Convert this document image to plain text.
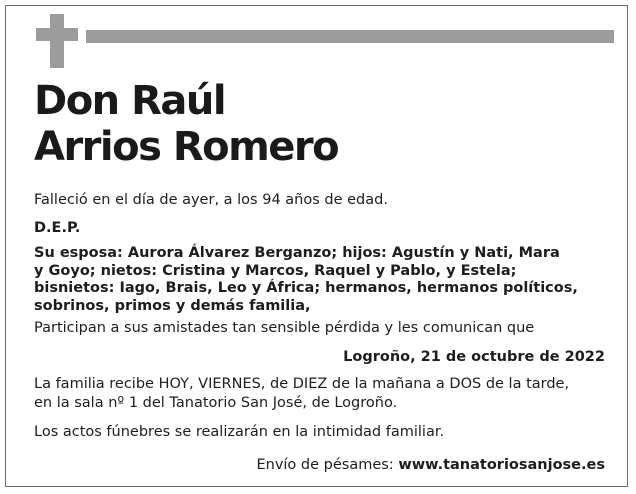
Don Raúl
Arrios Romero
Falleció en el día de ayer, a los 94 años de edad.
D.E.P.
Su esposa: Aurora Álvarez Berganzo; hijos: Agustín y Nati, Mara
y Goyo; nietos: Cristina y Marcos, Raquel y Pablo, y Estela;
bisnietos: Iago, Brais, Leo y África; hermanos, hermanos políticos,
sobrinos, primos y demás familia,
Participan a sus amistades tan sensible pérdida y les comunican que
Logroño, 21 de octubre de 2022
La familia recibe HOY, VIERNES, de DIEZ de la mañana a DOS de la tarde,
en la sala nº 1 del Tanatorio San José, de Logroño.
Los actos fúnebres se realizarán en la intimidad familiar.
Envío de pésames: www.tanatoriosanjose.es
